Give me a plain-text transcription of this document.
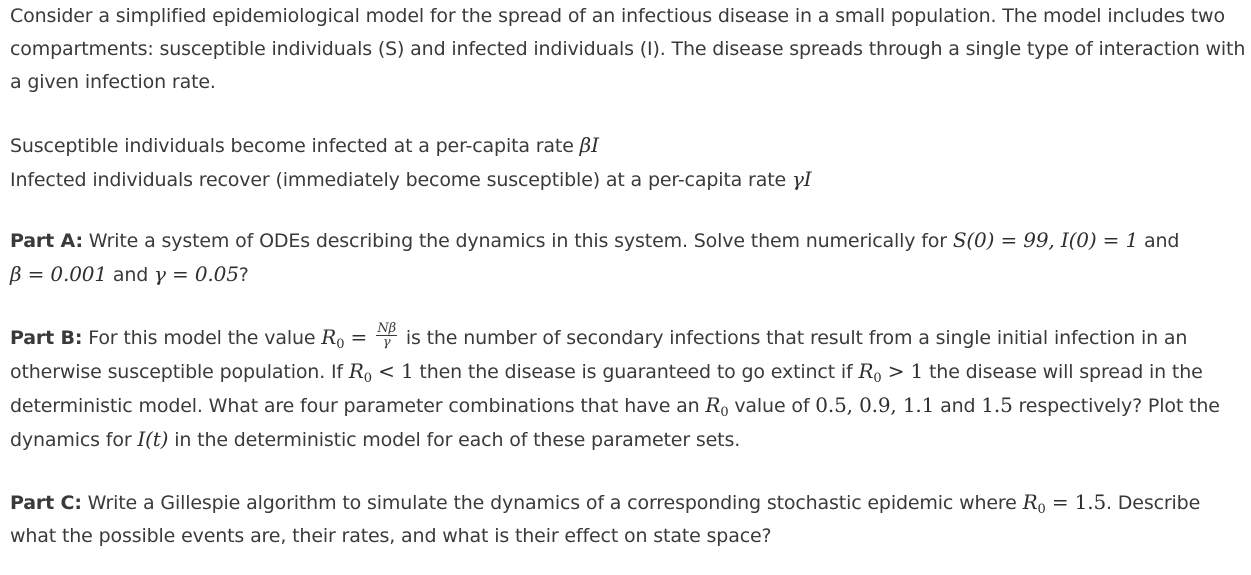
Consider a simplified epidemiological model for the spread of an infectious disease in a small population. The model includes two
compartments: susceptible individuals (S) and infected individuals (I). The disease spreads through a single type of interaction with
a given infection rate.

Susceptible individuals become infected at a per-capita rate βI
Infected individuals recover (immediately become susceptible) at a per-capita rate γI

Part A: Write a system of ODEs describing the dynamics in this system. Solve them numerically for S(0) = 99, I(0) = 1 and
β = 0.001 and γ = 0.05?

Part B: For this model the value $R_0 = \frac{N\beta}{\gamma}$ is the number of secondary infections that result from a single initial infection in an
otherwise susceptible population. If $R_0 < 1$ then the disease is guaranteed to go extinct if $R_0 > 1$ the disease will spread in the
deterministic model. What are four parameter combinations that have an $R_0$ value of 0.5, 0.9, 1.1 and 1.5 respectively? Plot the
dynamics for I(t) in the deterministic model for each of these parameter sets.

Part C: Write a Gillespie algorithm to simulate the dynamics of a corresponding stochastic epidemic where $R_0 = 1.5$. Describe
what the possible events are, their rates, and what is their effect on state space?
